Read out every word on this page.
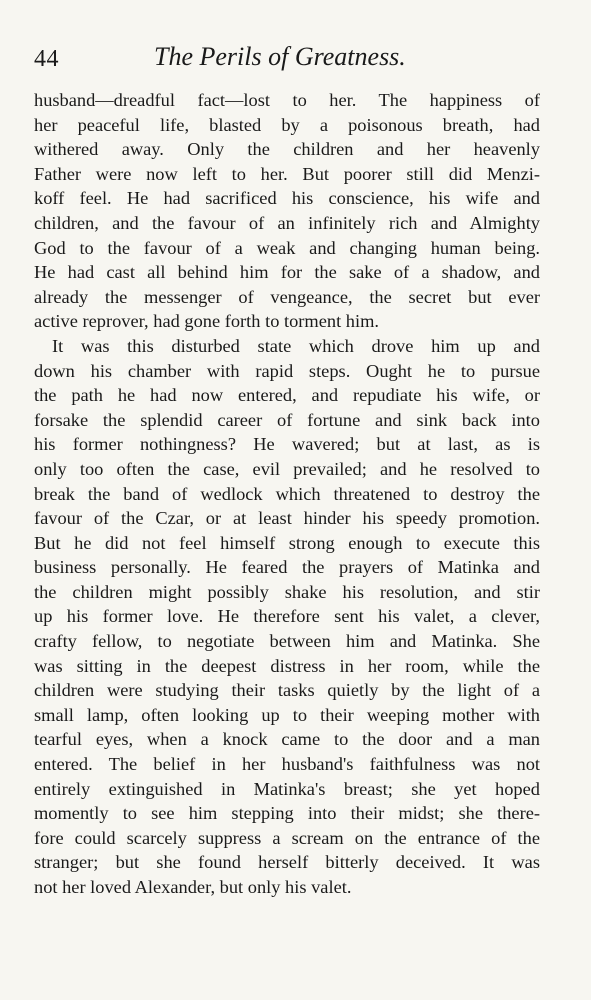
44	The Perils of Greatness.
husband—dreadful fact—lost to her. The happiness of
her peaceful life, blasted by a poisonous breath, had
withered away. Only the children and her heavenly
Father were now left to her. But poorer still did Menzi-
koff feel. He had sacrificed his conscience, his wife and
children, and the favour of an infinitely rich and Almighty
God to the favour of a weak and changing human being.
He had cast all behind him for the sake of a shadow, and
already the messenger of vengeance, the secret but ever
active reprover, had gone forth to torment him.
It was this disturbed state which drove him up and
down his chamber with rapid steps. Ought he to pursue
the path he had now entered, and repudiate his wife, or
forsake the splendid career of fortune and sink back into
his former nothingness? He wavered; but at last, as is
only too often the case, evil prevailed; and he resolved to
break the band of wedlock which threatened to destroy the
favour of the Czar, or at least hinder his speedy promotion.
But he did not feel himself strong enough to execute this
business personally. He feared the prayers of Matinka and
the children might possibly shake his resolution, and stir
up his former love. He therefore sent his valet, a clever,
crafty fellow, to negotiate between him and Matinka. She
was sitting in the deepest distress in her room, while the
children were studying their tasks quietly by the light of a
small lamp, often looking up to their weeping mother with
tearful eyes, when a knock came to the door and a man
entered. The belief in her husband's faithfulness was not
entirely extinguished in Matinka's breast; she yet hoped
momently to see him stepping into their midst; she there-
fore could scarcely suppress a scream on the entrance of the
stranger; but she found herself bitterly deceived. It was
not her loved Alexander, but only his valet.
